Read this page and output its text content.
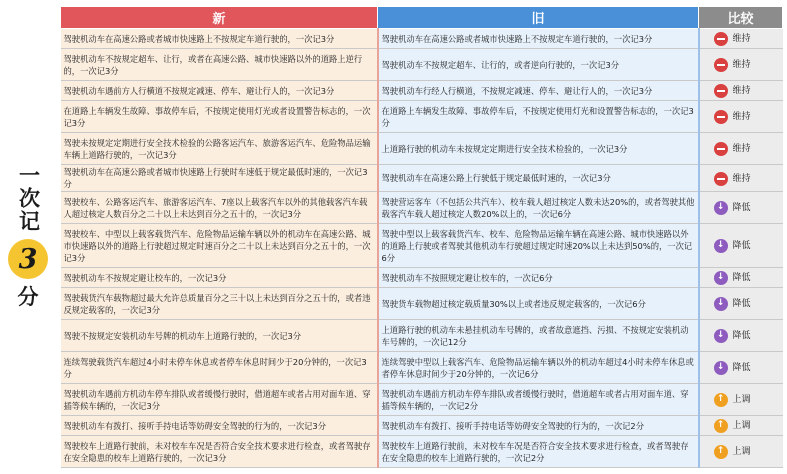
一次记
3
分
新	旧	比较
驾驶机动车在高速公路或者城市快速路上不按规定车道行驶的，一次记3分	驾驶机动车在高速公路或者城市快速路上不按规定车道行驶的，一次记3分	维持

驾驶机动车不按规定超车、让行，或者在高速公路、城市快速路以外的道路上逆行的，一次记3分	驾驶机动车不按规定超车、让行的，或者逆向行驶的，一次记3分	维持

驾驶机动车遇前方人行横道不按规定减速、停车、避让行人的，一次记3分	驾驶机动车行经人行横道，不按规定减速、停车、避让行人的，一次记3分	维持

在道路上车辆发生故障、事故停车后，不按规定使用灯光或者设置警告标志的，一次记3分	在道路上车辆发生故障、事故停车后，不按规定使用灯光和设置警告标志的，一次记3分	维持

驾驶未按规定定期进行安全技术检验的公路客运汽车、旅游客运汽车、危险物品运输车辆上道路行驶的，一次记3分	上道路行驶的机动车未按规定定期进行安全技术检验的，一次记3分	维持

驾驶机动车在高速公路或者城市快速路上行驶时车速低于规定最低时速的，一次记3分	驾驶机动车在高速公路上行驶低于规定最低时速的，一次记3分	维持

驾驶校车、公路客运汽车、旅游客运汽车、7座以上载客汽车以外的其他载客汽车载人超过核定人数百分之二十以上未达到百分之五十的，一次记3分	驾驶营运客车（不包括公共汽车）、校车载人超过核定人数未达20%的，或者驾驶其他载客汽车载人超过核定人数20%以上的，一次记6分	↓ 降低

驾驶校车、中型以上载客载货汽车、危险物品运输车辆以外的机动车在高速公路、城市快速路以外的道路上行驶超过规定时速百分之二十以上未达到百分之五十的，一次记3分	驾驶中型以上载客载货汽车、校车、危险物品运输车辆在高速公路、城市快速路以外的道路上行驶或者驾驶其他机动车行驶超过规定时速20%以上未达到50%的，一次记6分	↓ 降低

驾驶机动车不按规定避让校车的，一次记3分	驾驶机动车不按照规定避让校车的，一次记6分	↓ 降低

驾驶载货汽车载物超过最大允许总质量百分之三十以上未达到百分之五十的，或者违反规定载客的，一次记3分	驾驶货车载物超过核定载质量30%以上或者违反规定载客的，一次记6分	↓ 降低

驾驶不按规定安装机动车号牌的机动车上道路行驶的，一次记3分	上道路行驶的机动车未悬挂机动车号牌的，或者故意遮挡、污损、不按规定安装机动车号牌的，一次记12分	↓ 降低

连续驾驶载货汽车超过4小时未停车休息或者停车休息时间少于20分钟的，一次记3分	连续驾驶中型以上载客汽车、危险物品运输车辆以外的机动车超过4小时未停车休息或者停车休息时间少于20分钟的，一次记6分	↓ 降低

驾驶机动车遇前方机动车停车排队或者缓慢行驶时，借道超车或者占用对面车道、穿插等候车辆的，一次记3分	驾驶机动车遇前方机动车停车排队或者缓慢行驶时，借道超车或者占用对面车道、穿插等候车辆的，一次记2分	↑ 上调

驾驶机动车有拨打、接听手持电话等妨碍安全驾驶的行为的，一次记3分	驾驶机动车有拨打、接听手持电话等妨碍安全驾驶的行为的，一次记2分	↑ 上调

驾驶校车上道路行驶前，未对校车车况是否符合安全技术要求进行检查，或者驾驶存在安全隐患的校车上道路行驶的，一次记3分	驾驶校车上道路行驶前，未对校车车况是否符合安全技术要求进行检查，或者驾驶存在安全隐患的校车上道路行驶的，一次记2分	↑ 上调
